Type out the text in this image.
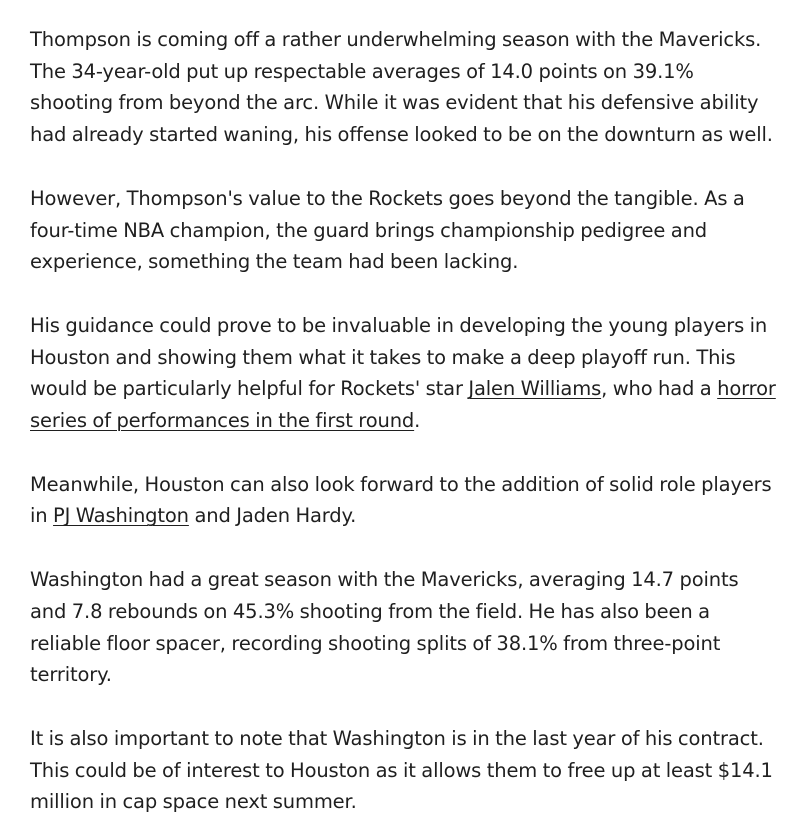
Thompson is coming off a rather underwhelming season with the Mavericks. The 34-year-old put up respectable averages of 14.0 points on 39.1% shooting from beyond the arc. While it was evident that his defensive ability had already started waning, his offense looked to be on the downturn as well.

However, Thompson's value to the Rockets goes beyond the tangible. As a four-time NBA champion, the guard brings championship pedigree and experience, something the team had been lacking.

His guidance could prove to be invaluable in developing the young players in Houston and showing them what it takes to make a deep playoff run. This would be particularly helpful for Rockets' star Jalen Williams, who had a horror series of performances in the first round.

Meanwhile, Houston can also look forward to the addition of solid role players in PJ Washington and Jaden Hardy.

Washington had a great season with the Mavericks, averaging 14.7 points and 7.8 rebounds on 45.3% shooting from the field. He has also been a reliable floor spacer, recording shooting splits of 38.1% from three-point territory.

It is also important to note that Washington is in the last year of his contract. This could be of interest to Houston as it allows them to free up at least $14.1 million in cap space next summer.
